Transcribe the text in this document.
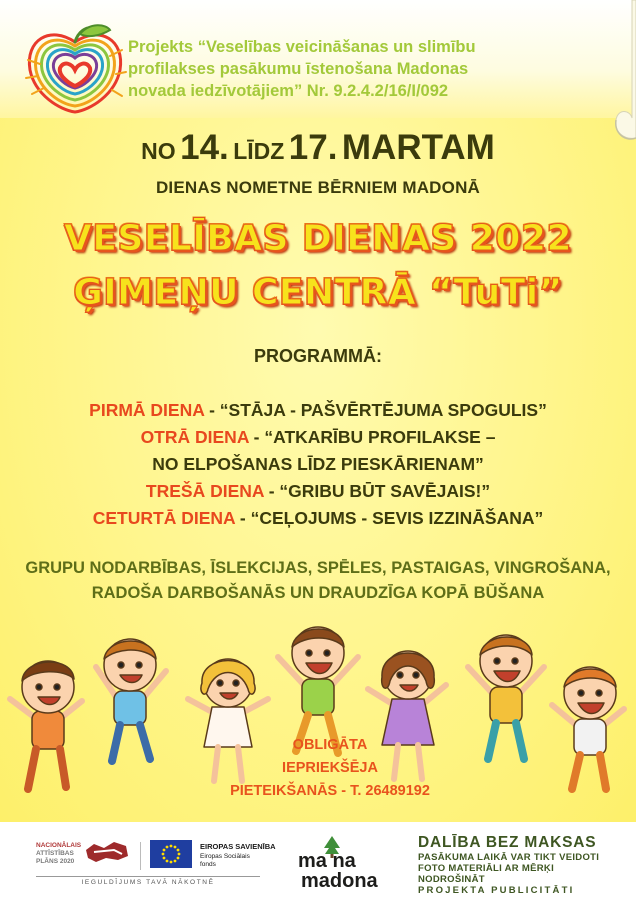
Projekts “Veselības veicināšanas un slimību
profilakses pasākumu īstenošana Madonas
novada iedzīvotājiem” Nr. 9.2.4.2/16/I/092
NO 14. LĪDZ 17. MARTAM
DIENAS NOMETNE BĒRNIEM MADONĀ
VESELĪBAS DIENAS 2022
ĢIMEŅU CENTRĀ “TuTi”
PROGRAMMĀ:
PIRMĀ DIENA - “STĀJA - PAŠVĒRTĒJUMA SPOGULIS”
OTRĀ DIENA - “ATKARĪBU PROFILAKSE –
NO ELPOŠANAS LĪDZ PIESKĀRIENAM”
TREŠĀ DIENA - “GRIBU BŪT SAVĒJAIS!”
CETURTĀ DIENA - “CEĻOJUMS - SEVIS IZZINĀŠANA”
GRUPU NODARBĪBAS, ĪSLEKCIJAS, SPĒLES, PASTAIGAS, VINGROŠANA,
RADOŠA DARBOŠANĀS UN DRAUDZĪGA KOPĀ BŪŠANA
OBLIGĀTA
IEPRIEKŠĒJA
PIETEIKŠANĀS - T. 26489192
NACIONĀLAIS
ATTĪSTĪBAS
PLĀNS 2020
EIROPAS SAVIENĪBA
Eiropas Sociālais
fonds
IEGULDĪJUMS TAVĀ NĀKOTNĒ
ma na
madona
DALĪBA BEZ MAKSAS
PASĀKUMA LAIKĀ VAR TIKT VEIDOTI
FOTO MATERIĀLI AR MĒRĶI NODROŠINĀT
PROJEKTA PUBLICITĀTI
